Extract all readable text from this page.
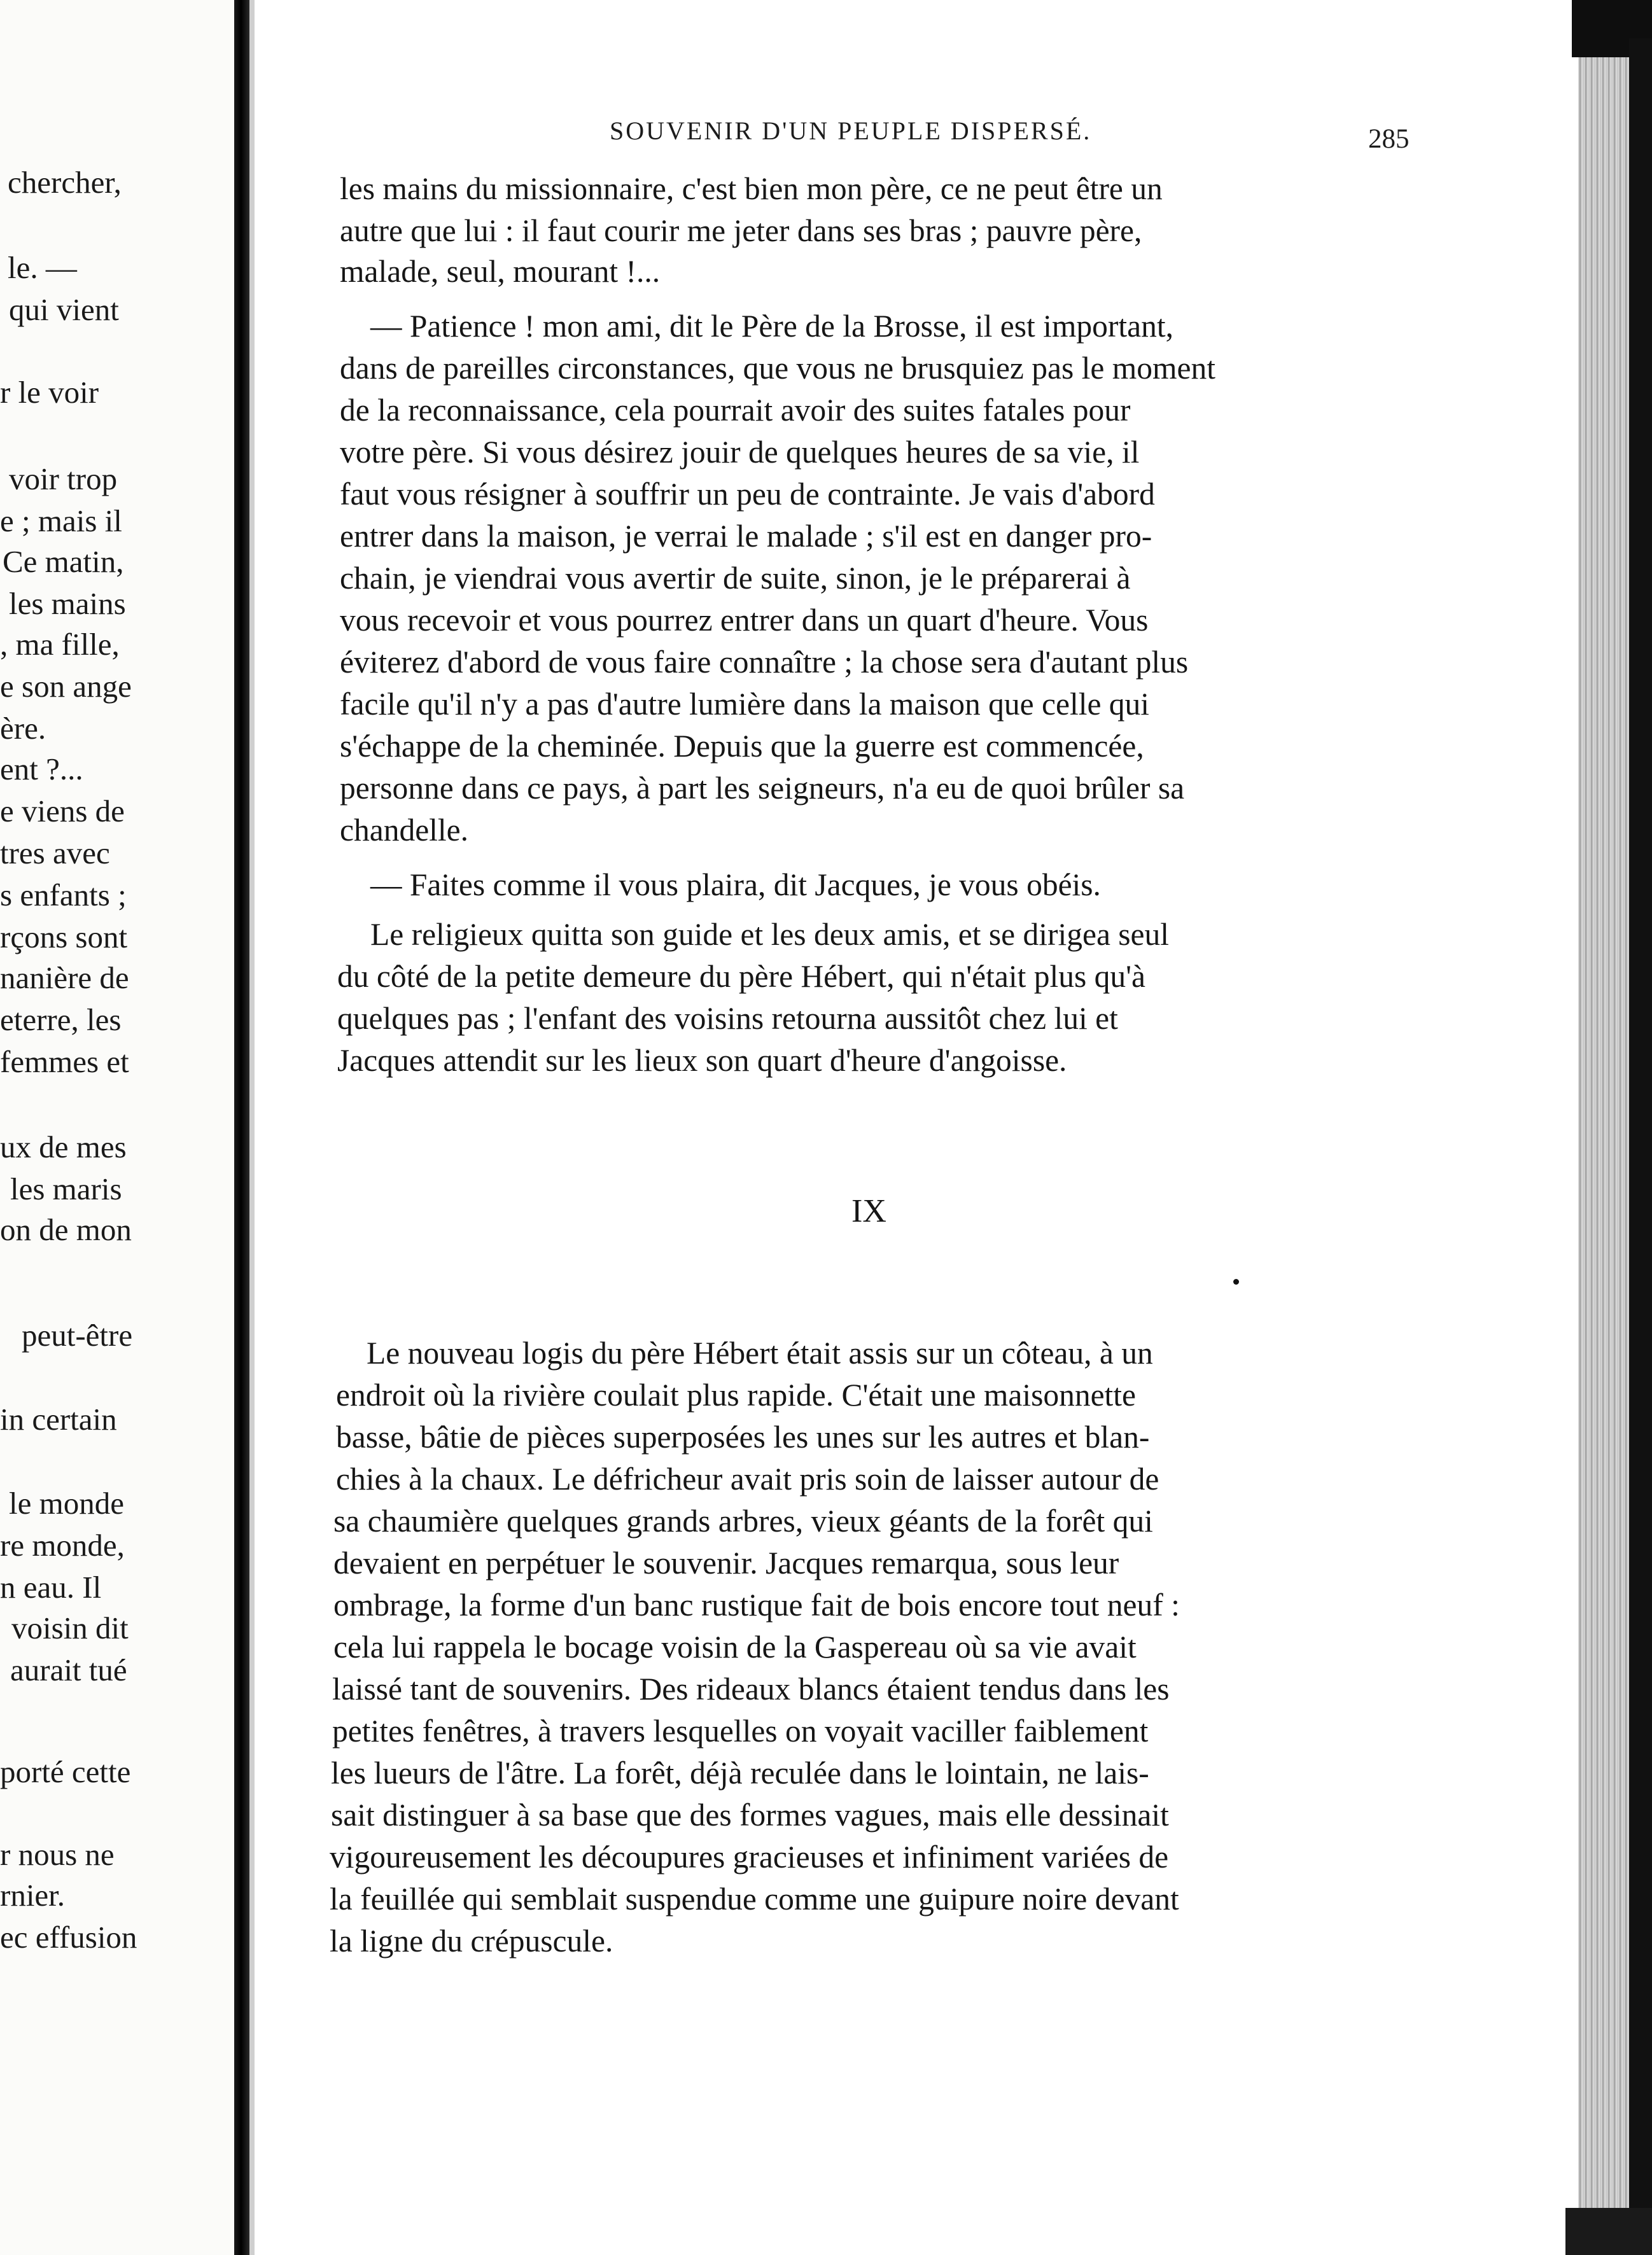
chercher,
le. —
qui vient
r le voir
voir trop
e ; mais il
Ce matin,
les mains
, ma fille,
e son ange
ère.
ent ?...
e viens de
tres avec
s enfants ;
rçons sont
nanière de
eterre, les
femmes et
ux de mes
les maris
on de mon
peut-être
in certain
le monde
re monde,
n eau. Il
voisin dit
aurait tué
porté cette
r nous ne
rnier.
ec effusion
SOUVENIR D'UN PEUPLE DISPERSÉ.	285
les mains du missionnaire, c'est bien mon père, ce ne peut être un
autre que lui : il faut courir me jeter dans ses bras ; pauvre père,
malade, seul, mourant !...
— Patience ! mon ami, dit le Père de la Brosse, il est important,
dans de pareilles circonstances, que vous ne brusquiez pas le moment
de la reconnaissance, cela pourrait avoir des suites fatales pour
votre père. Si vous désirez jouir de quelques heures de sa vie, il
faut vous résigner à souffrir un peu de contrainte. Je vais d'abord
entrer dans la maison, je verrai le malade ; s'il est en danger pro-
chain, je viendrai vous avertir de suite, sinon, je le préparerai à
vous recevoir et vous pourrez entrer dans un quart d'heure. Vous
éviterez d'abord de vous faire connaître ; la chose sera d'autant plus
facile qu'il n'y a pas d'autre lumière dans la maison que celle qui
s'échappe de la cheminée. Depuis que la guerre est commencée,
personne dans ce pays, à part les seigneurs, n'a eu de quoi brûler sa
chandelle.
— Faites comme il vous plaira, dit Jacques, je vous obéis.
Le religieux quitta son guide et les deux amis, et se dirigea seul
du côté de la petite demeure du père Hébert, qui n'était plus qu'à
quelques pas ; l'enfant des voisins retourna aussitôt chez lui et
Jacques attendit sur les lieux son quart d'heure d'angoisse.
IX
Le nouveau logis du père Hébert était assis sur un côteau, à un
endroit où la rivière coulait plus rapide. C'était une maisonnette
basse, bâtie de pièces superposées les unes sur les autres et blan-
chies à la chaux. Le défricheur avait pris soin de laisser autour de
sa chaumière quelques grands arbres, vieux géants de la forêt qui
devaient en perpétuer le souvenir. Jacques remarqua, sous leur
ombrage, la forme d'un banc rustique fait de bois encore tout neuf :
cela lui rappela le bocage voisin de la Gaspereau où sa vie avait
laissé tant de souvenirs. Des rideaux blancs étaient tendus dans les
petites fenêtres, à travers lesquelles on voyait vaciller faiblement
les lueurs de l'âtre. La forêt, déjà reculée dans le lointain, ne lais-
sait distinguer à sa base que des formes vagues, mais elle dessinait
vigoureusement les découpures gracieuses et infiniment variées de
la feuillée qui semblait suspendue comme une guipure noire devant
la ligne du crépuscule.
